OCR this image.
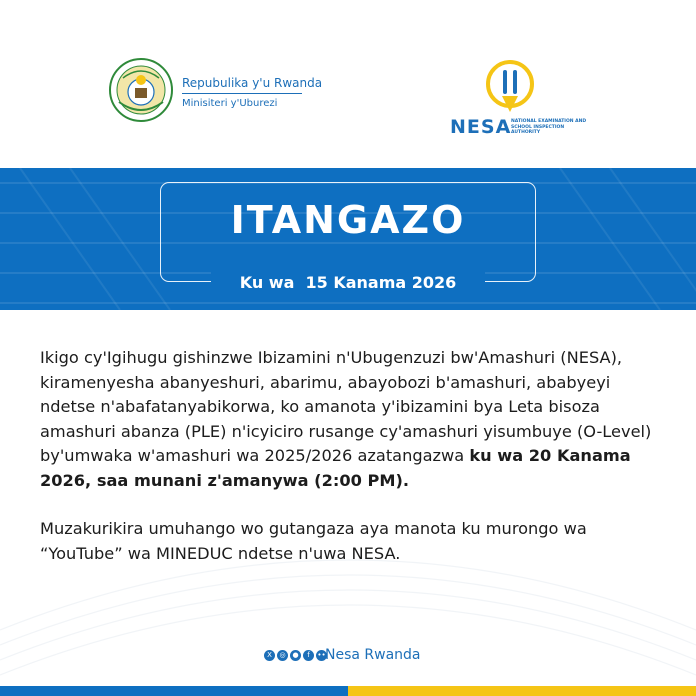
Repubulika y'u Rwanda
Minisiteri y'Uburezi
NESA NATIONAL EXAMINATION AND SCHOOL INSPECTION AUTHORITY
ITANGAZO
Ku wa  15 Kanama 2026

Ikigo cy'Igihugu gishinzwe Ibizamini n'Ubugenzuzi bw'Amashuri (NESA), kiramenyesha abanyeshuri, abarimu, abayobozi b'amashuri, ababyeyi ndetse n'abafatanyabikorwa, ko amanota y'ibizamini bya Leta bisoza amashuri abanza (PLE) n'icyiciro rusange cy'amashuri yisumbuye (O-Level) by'umwaka w'amashuri wa 2025/2026 azatangazwa ku wa 20 Kanama 2026, saa munani z'amanywa (2:00 PM).

Muzakurikira umuhango wo gutangaza aya manota ku murongo wa “YouTube” wa MINEDUC ndetse n'uwa NESA.

X	◎ ●	f	•• Nesa Rwanda
